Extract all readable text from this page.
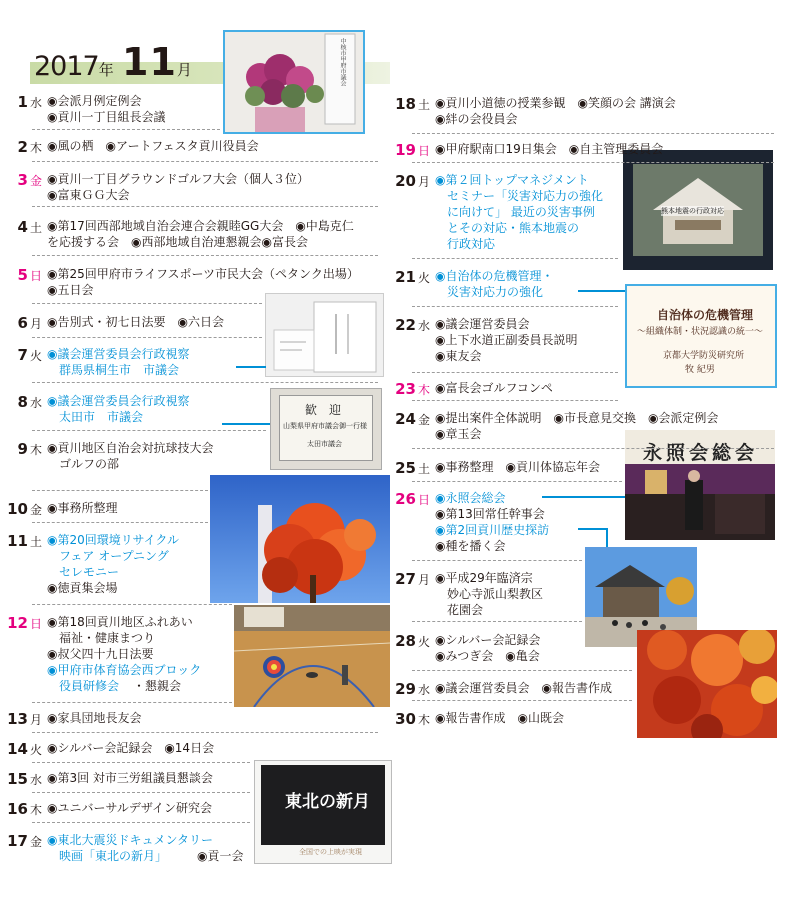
2017年 11月	中核市甲府市議会
歓　迎
山梨県甲府市議会御一行様
太田市議会
東北の新月
全国での上映が実現
熊本地震の行政対応
自治体の危機管理
～組織体制・状況認識の統一～
京都大学防災研究所
牧 紀男
永照会総会
1 水 ◉会派月例定例会
◉貢川一丁目組長会議
2 木 ◉風の栖　◉アートフェスタ貢川役員会
3 金 ◉貢川一丁目グラウンドゴルフ大会（個人３位）
◉富東ＧＧ大会
4 土 ◉第17回西部地域自治会連合会親睦GG大会　◉中島克仁
を応援する会　◉西部地域自治連懇親会◉富長会
5 日 ◉第25回甲府市ライフスポーツ市民大会（ペタンク出場）
◉五日会
6 月 ◉告別式・初七日法要　◉六日会
7 火 ◉議会運営委員会行政視察
群馬県桐生市　市議会
8 水 ◉議会運営委員会行政視察
太田市　市議会
9 木 ◉貢川地区自治会対抗球技大会
ゴルフの部
10 金 ◉事務所整理
11 土 ◉第20回環境リサイクル
フェア オープニング
セレモニー
◉徳貢集会場
12 日 ◉第18回貢川地区ふれあい
福祉・健康まつり
◉叔父四十九日法要
◉甲府市体育協会西ブロック
役員研修会 ・懇親会
13 月 ◉家具団地長友会
14 火 ◉シルバー会記録会　◉14日会
15 水 ◉第3回 対市三労組議員懇談会
16 木 ◉ユニバーサルデザイン研究会
17 金 ◉東北大震災ドキュメンタリー
映画「東北の新月」 ◉貢一会
18 土 ◉貢川小道徳の授業参観　◉笑顔の会 講演会
◉絆の会役員会
19 日 ◉甲府駅南口19日集会　◉自主管理委員会
20 月 ◉第２回トップマネジメント
セミナー「災害対応力の強化
に向けて」 最近の災害事例
とその対応・熊本地震の
行政対応
21 火 ◉自治体の危機管理・
災害対応力の強化
22 水 ◉議会運営委員会
◉上下水道正副委員長説明
◉東友会
23 木 ◉富長会ゴルフコンペ
24 金 ◉提出案件全体説明　◉市長意見交換　◉会派定例会
◉章玉会
25 土 ◉事務整理　◉貢川体協忘年会
26 日 ◉永照会総会
◉第13回常任幹事会
◉第2回貢川歴史探訪
◉種を播く会
27 月 ◉平成29年臨済宗
妙心寺派山梨教区
花園会
28 火 ◉シルバー会記録会
◉みつぎ会　◉亀会
29 水 ◉議会運営委員会　◉報告書作成
30 木 ◉報告書作成　◉山既会
